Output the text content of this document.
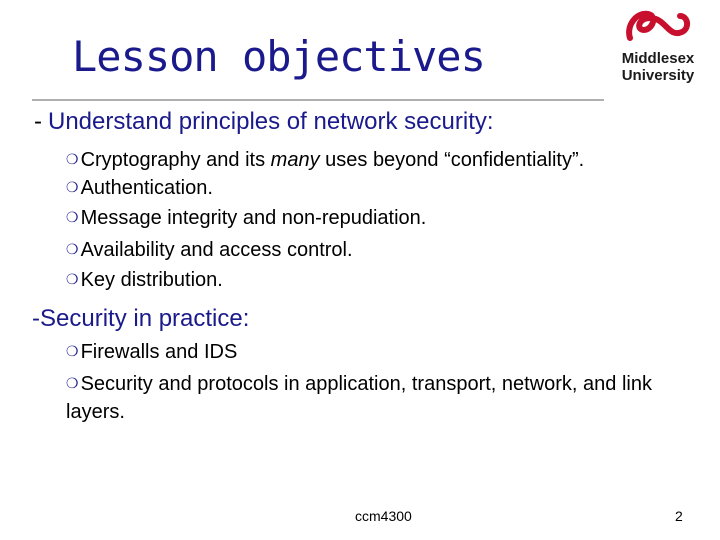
Lesson objectives	Middlesex
University
- Understand principles of network security:
❍ Cryptography and its many uses beyond “confidentiality”.
❍ Authentication.
❍ Message integrity and non-repudiation.
❍ Availability and access control.
❍ Key distribution.
-Security in practice:
❍ Firewalls and IDS
❍ Security and protocols in application, transport, network, and link layers.
ccm4300	2
